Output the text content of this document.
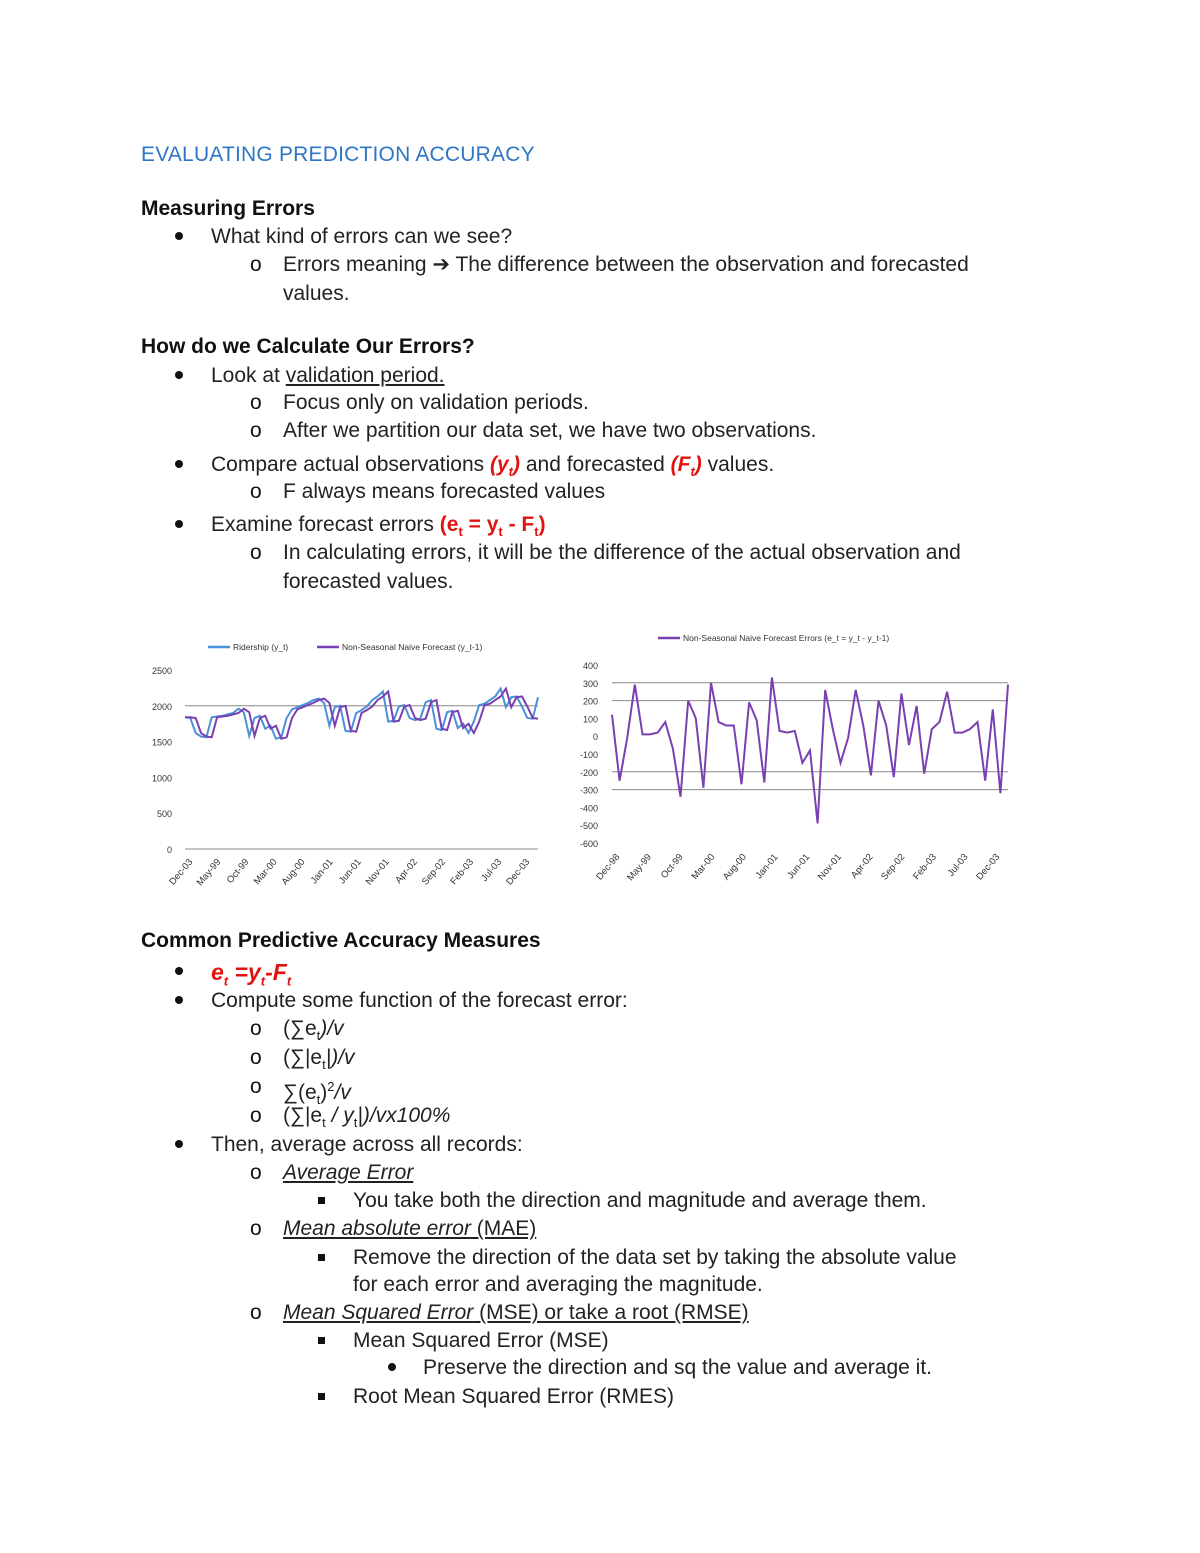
EVALUATING PREDICTION ACCURACY
Measuring Errors
What kind of errors can we see?
o Errors meaning ➔ The difference between the observation and forecasted
values.
How do we Calculate Our Errors?
Look at validation period.
o Focus only on validation periods.
o After we partition our data set, we have two observations.
Compare actual observations $(y_t)$ and forecasted $(F_t)$ values.
o F always means forecasted values
Examine forecast errors $(e_t = y_t - F_t)$
o In calculating errors, it will be the difference of the actual observation and
forecasted values.
0
500
1000
1500
2000
2500
Dec-03 May-99 Oct-99 Mar-00 Aug-00 Jan-01 Jun-01 Nov-01 Apr-02 Sep-02 Feb-03 Jul-03 Dec-03
Ridership (y_t)	Non-Seasonal Naive Forecast (y_t-1)
400
300
200
100
0
-100
-200
-300
-400
-500
-600
Dec-98 May-99 Oct-99 Mar-00 Aug-00 Jan-01 Jun-01 Nov-01 Apr-02 Sep-02 Feb-03 Jul-03 Dec-03
Non-Seasonal Naive Forecast Errors (e_t = y_t - y_t-1)
Common Predictive Accuracy Measures
$e_t =y_t-F_t$
Compute some function of the forecast error:
o $(\sum e_t)/v$
o $(\sum|e_t|)/v$
o $\sum(e_t)^2/v$
o $(\sum|e_t / y_t|)/vx100\%$
Then, average across all records:
o Average Error
You take both the direction and magnitude and average them.
o Mean absolute error (MAE)
Remove the direction of the data set by taking the absolute value
for each error and averaging the magnitude.
o Mean Squared Error (MSE) or take a root (RMSE)
Mean Squared Error (MSE)
Preserve the direction and sq the value and average it.
Root Mean Squared Error (RMES)
